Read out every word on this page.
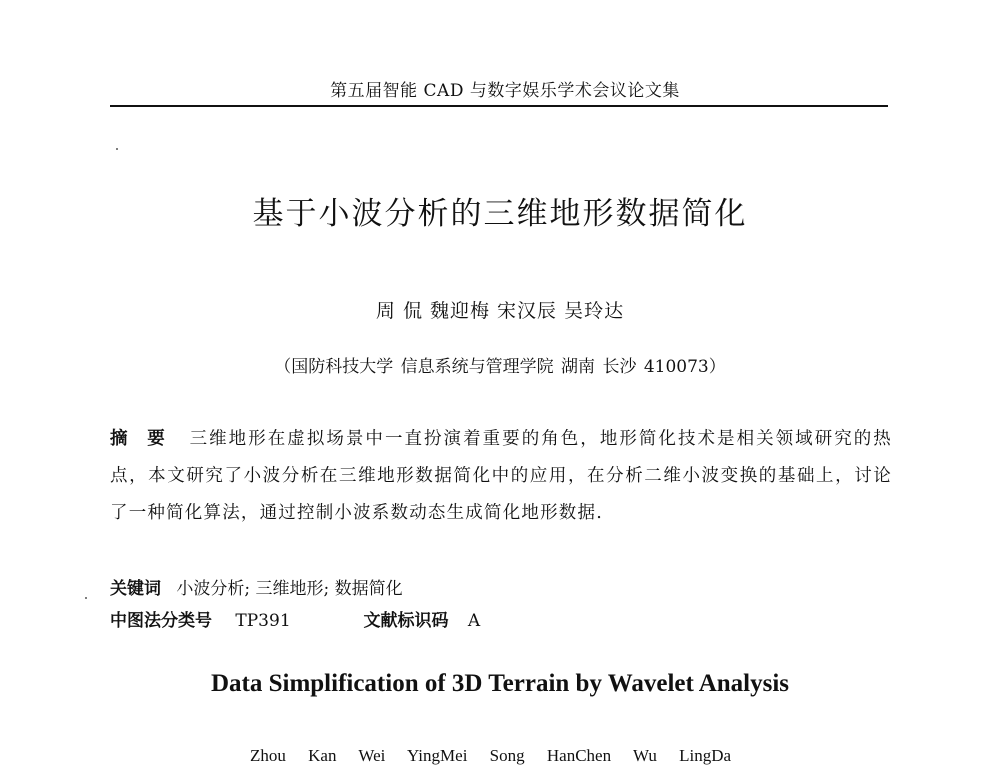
第五届智能 CAD 与数字娱乐学术会议论文集
基于小波分析的三维地形数据简化
周 侃 魏迎梅 宋汉辰 吴玲达
（国防科技大学 信息系统与管理学院 湖南 长沙 410073）
摘 要 三维地形在虚拟场景中一直扮演着重要的角色，地形简化技术是相关领域研究的热点，本文研究了小波分析在三维地形数据简化中的应用，在分析二维小波变换的基础上，讨论了一种简化算法，通过控制小波系数动态生成简化地形数据.
关键词 小波分析; 三维地形; 数据简化
中图法分类号 TP391	文献标识码 A
Data Simplification of 3D Terrain by Wavelet Analysis
Zhou Kan Wei YingMei Song HanChen Wu LingDa
